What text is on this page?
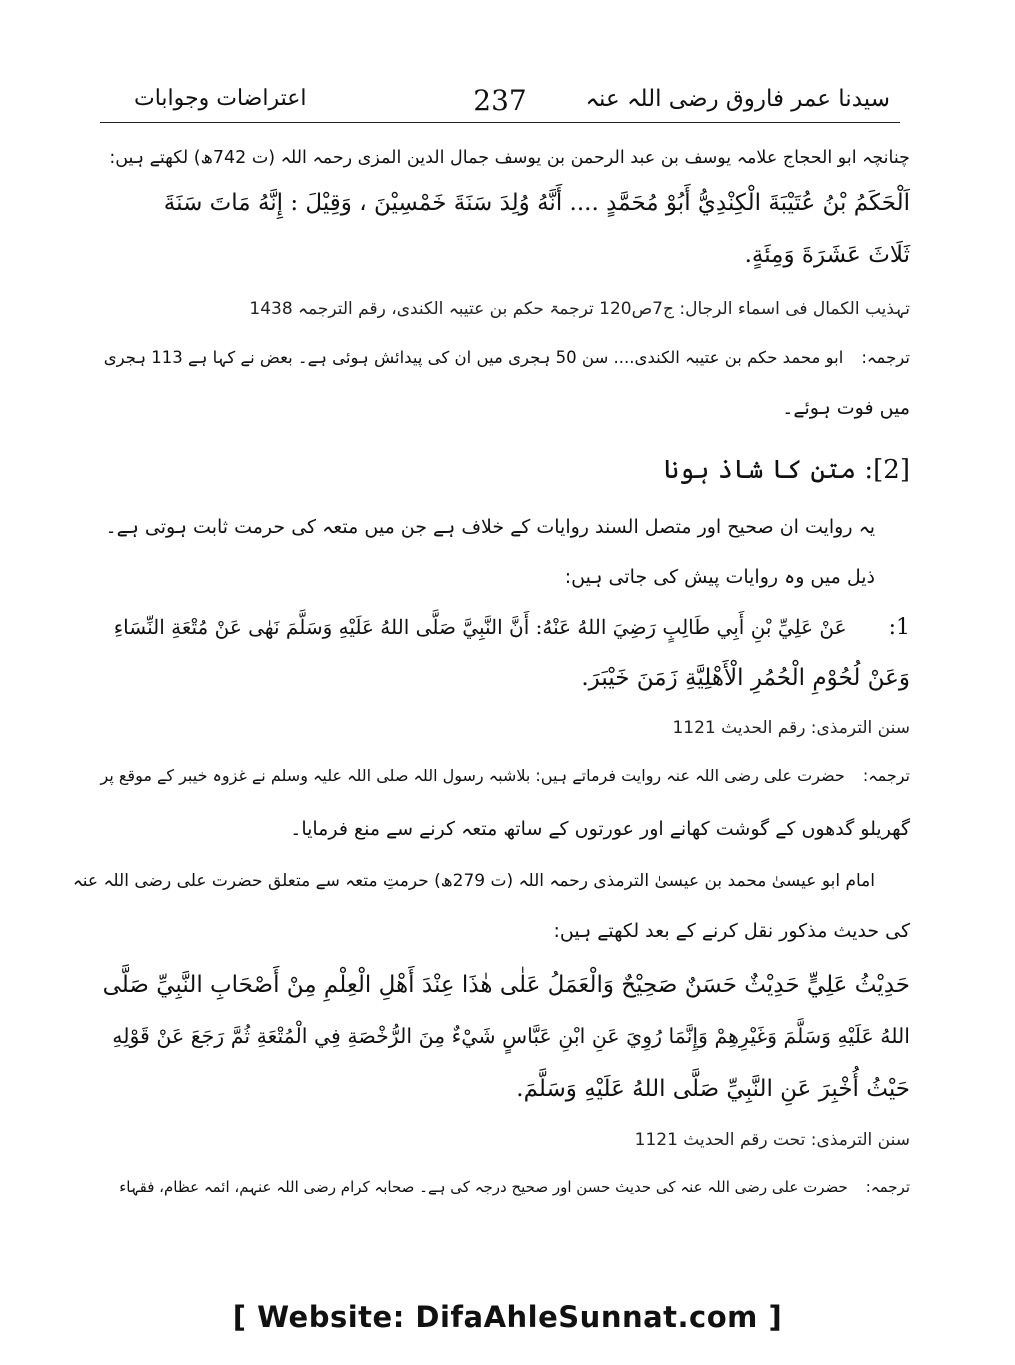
سیدنا عمر فاروق رضی اللہ عنہ
237
اعتراضات وجوابات
چنانچہ ابو الحجاج علامہ یوسف بن عبد الرحمن بن یوسف جمال الدین المزی رحمہ اللہ (ت 742ھ) لکھتے ہیں:
اَلْحَكَمُ بْنُ عُتَيْبَةَ الْكِنْدِيُّ أَبُوْ مُحَمَّدٍ .... أَنَّهُ وُلِدَ سَنَةَ خَمْسِيْنَ ، وَقِيْلَ : إِنَّهُ مَاتَ سَنَةَ
ثَلَاثَ عَشَرَةَ وَمِئَةٍ.
تہذیب الکمال فی اسماء الرجال: ج7ص120 ترجمۃ حکم بن عتیبہ الکندی، رقم الترجمہ 1438
ترجمہ:ابو محمد حکم بن عتیبہ الکندی.... سن 50 ہجری میں ان کی پیدائش ہوئی ہے۔ بعض نے کہا ہے 113 ہجری
میں فوت ہوئے۔
[2]: متن کا شاذ ہونا
یہ روایت ان صحیح اور متصل السند روایات کے خلاف ہے جن میں متعہ کی حرمت ثابت ہوتی ہے۔
ذیل میں وہ روایات پیش کی جاتی ہیں:
1:عَنْ عَلِيِّ بْنِ أَبِي طَالِبٍ رَضِيَ اللهُ عَنْهُ: أَنَّ النَّبِيَّ صَلَّى اللهُ عَلَيْهِ وَسَلَّمَ نَهٰى عَنْ مُتْعَةِ النِّسَاءِ
وَعَنْ لُحُوْمِ الْحُمُرِ الْأَهْلِيَّةِ زَمَنَ خَيْبَرَ.
سنن الترمذی: رقم الحدیث 1121
ترجمہ:حضرت علی رضی اللہ عنہ روایت فرماتے ہیں: بلاشبہ رسول اللہ صلی اللہ علیہ وسلم نے غزوہ خیبر کے موقع پر
گھریلو گدھوں کے گوشت کھانے اور عورتوں کے ساتھ متعہ کرنے سے منع فرمایا۔
امام ابو عیسیٰ محمد بن عیسیٰ الترمذی رحمہ اللہ (ت 279ھ) حرمتِ متعہ سے متعلق حضرت علی رضی اللہ عنہ
کی حدیث مذکور نقل کرنے کے بعد لکھتے ہیں:
حَدِيْثُ عَلِيٍّ حَدِيْثٌ حَسَنٌ صَحِيْحٌ وَالْعَمَلُ عَلٰى هٰذَا عِنْدَ أَهْلِ الْعِلْمِ مِنْ أَصْحَابِ النَّبِيِّ صَلَّى
اللهُ عَلَيْهِ وَسَلَّمَ وَغَيْرِهِمْ وَإِنَّمَا رُوِيَ عَنِ ابْنِ عَبَّاسٍ شَيْءٌ مِنَ الرُّخْصَةِ فِي الْمُتْعَةِ ثُمَّ رَجَعَ عَنْ قَوْلِهِ
حَيْثُ أُخْبِرَ عَنِ النَّبِيِّ صَلَّى اللهُ عَلَيْهِ وَسَلَّمَ.
سنن الترمذی: تحت رقم الحدیث 1121
ترجمہ:حضرت علی رضی اللہ عنہ کی حدیث حسن اور صحیح درجہ کی ہے۔ صحابہ کرام رضی اللہ عنہم، ائمہ عظام، فقہاء
[ Website: DifaAhleSunnat.com ]
